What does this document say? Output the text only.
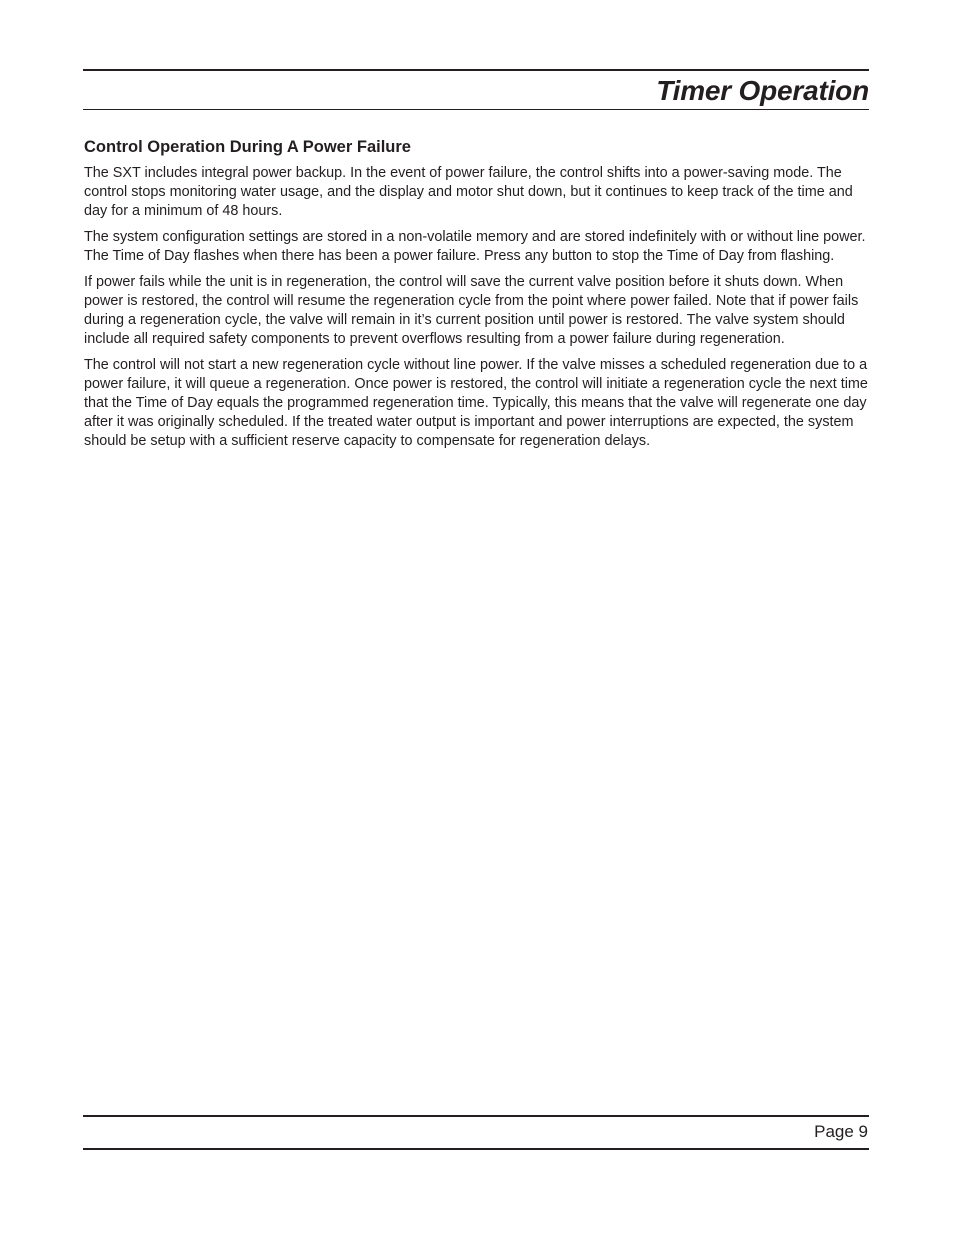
Timer Operation
Control Operation During A Power Failure

The SXT includes integral power backup. In the event of power failure, the control shifts into a power-saving mode. The control stops monitoring water usage, and the display and motor shut down, but it continues to keep track of the time and day for a minimum of 48 hours.

The system configuration settings are stored in a non-volatile memory and are stored indefinitely with or without line power. The Time of Day flashes when there has been a power failure. Press any button to stop the Time of Day from flashing.

If power fails while the unit is in regeneration, the control will save the current valve position before it shuts down. When power is restored, the control will resume the regeneration cycle from the point where power failed. Note that if power fails during a regeneration cycle, the valve will remain in it’s current position until power is restored. The valve system should include all required safety components to prevent overflows resulting from a power failure during regeneration.

The control will not start a new regeneration cycle without line power. If the valve misses a scheduled regeneration due to a power failure, it will queue a regeneration. Once power is restored, the control will initiate a regeneration cycle the next time that the Time of Day equals the programmed regeneration time. Typically, this means that the valve will regenerate one day after it was originally scheduled. If the treated water output is important and power interruptions are expected, the system should be setup with a sufficient reserve capacity to compensate for regeneration delays.

Page 9
